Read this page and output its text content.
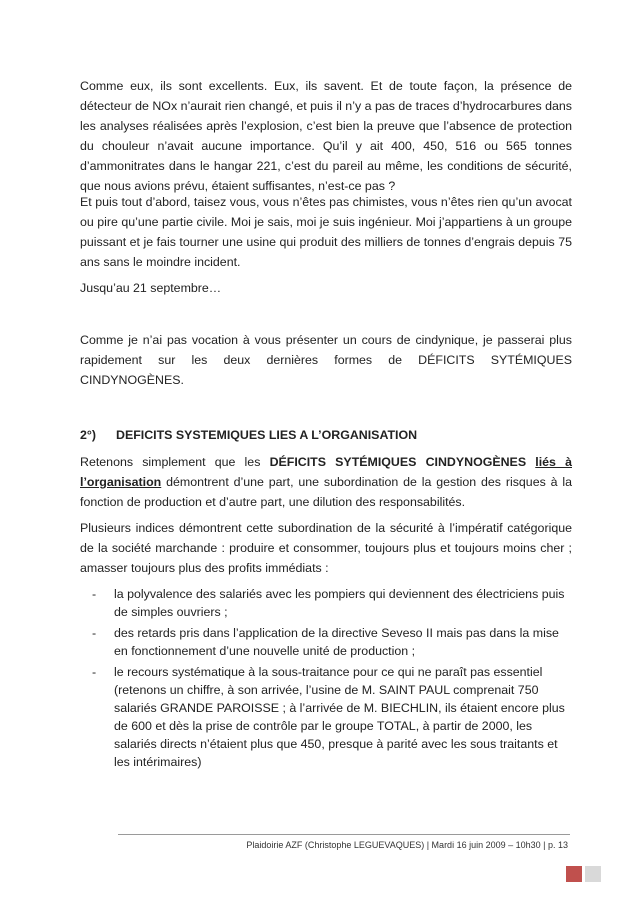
Comme eux, ils sont excellents. Eux, ils savent. Et de toute façon, la présence de détecteur de NOx n’aurait rien changé, et puis il n’y a pas de traces d’hydrocarbures dans les analyses réalisées après l’explosion, c’est bien la preuve que l’absence de protection du chouleur n’avait aucune importance. Qu’il y ait 400, 450, 516 ou 565 tonnes d’ammonitrates dans le hangar 221, c’est du pareil au même, les conditions de sécurité, que nous avions prévu, étaient suffisantes, n’est-ce pas ?

Et puis tout d’abord, taisez vous, vous n’êtes pas chimistes, vous n’êtes rien qu’un avocat ou pire qu’une partie civile. Moi je sais, moi je suis ingénieur. Moi j’appartiens à un groupe puissant et je fais tourner une usine qui produit des milliers de tonnes d’engrais depuis 75 ans sans le moindre incident.

Jusqu’au 21 septembre…

Comme je n’ai pas vocation à vous présenter un cours de cindynique, je passerai plus rapidement sur les deux dernières formes de DÉFICITS SYTÉMIQUES CINDYNOGÈNES.

2°) DEFICITS SYSTEMIQUES LIES A L’ORGANISATION

Retenons simplement que les DÉFICITS SYTÉMIQUES CINDYNOGÈNES liés à l’organisation démontrent d’une part, une subordination de la gestion des risques à la fonction de production et d’autre part, une dilution des responsabilités.

Plusieurs indices démontrent cette subordination de la sécurité à l’impératif catégorique de la société marchande : produire et consommer, toujours plus et toujours moins cher ; amasser toujours plus des profits immédiats :

- la polyvalence des salariés avec les pompiers qui deviennent des électriciens puis de simples ouvriers ;
- des retards pris dans l’application de la directive Seveso II mais pas dans la mise en fonctionnement d’une nouvelle unité de production ;
- le recours systématique à la sous-traitance pour ce qui ne paraît pas essentiel (retenons un chiffre, à son arrivée, l’usine de M. SAINT PAUL comprenait 750 salariés GRANDE PAROISSE ; à l’arrivée de M. BIECHLIN, ils étaient encore plus de 600 et dès la prise de contrôle par le groupe TOTAL, à partir de 2000, les salariés directs n’étaient plus que 450, presque à parité avec les sous traitants et les intérimaires)
Plaidoirie AZF (Christophe LEGUEVAQUES) | Mardi 16 juin 2009 – 10h30 | p. 13
